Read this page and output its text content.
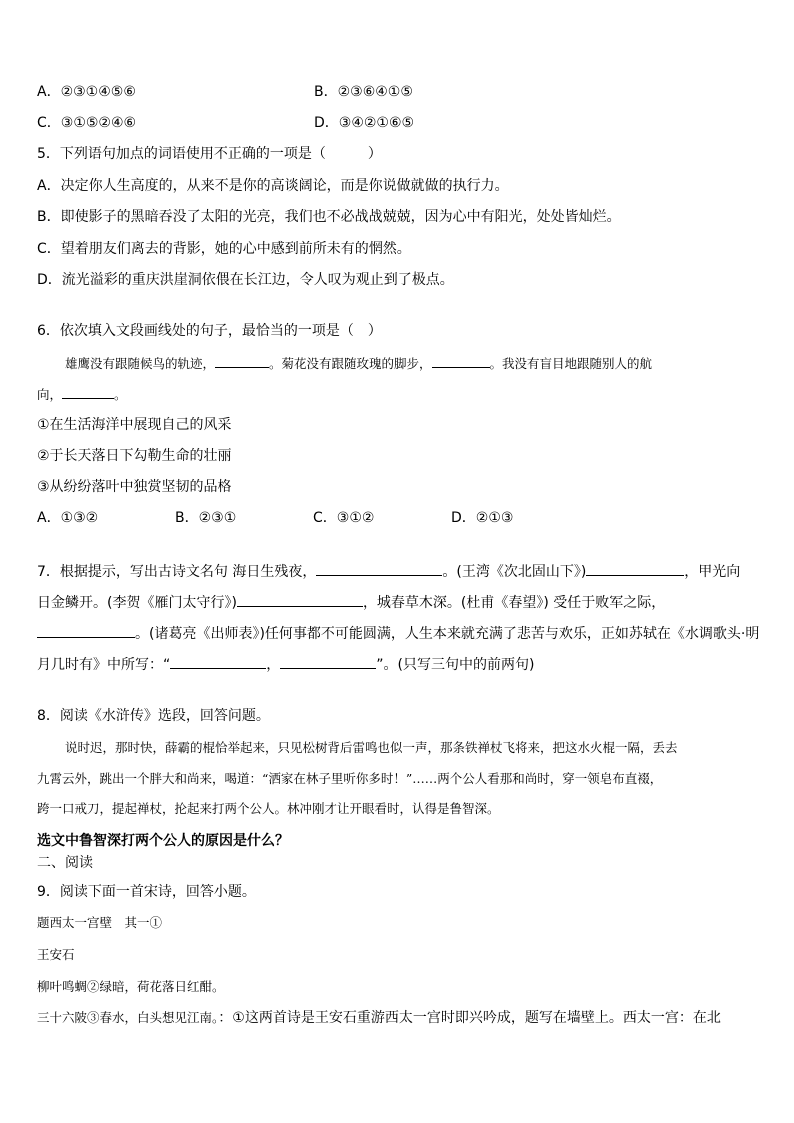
A．②③①④⑤⑥	B．②③⑥④①⑤
C．③①⑤②④⑥	D．③④②①⑥⑤
5．下列语句加点的词语使用不正确的一项是（　　　）
A．决定你人生高度的，从来不是你的高谈阔论，而是你说做就做的执行力。
B．即使影子的黑暗吞没了太阳的光亮，我们也不必战战兢兢，因为心中有阳光，处处皆灿烂。
C．望着朋友们离去的背影，她的心中感到前所未有的惘然。
D．流光溢彩的重庆洪崖洞依偎在长江边，令人叹为观止到了极点。
6．依次填入文段画线处的句子，最恰当的一项是（　）
雄鹰没有跟随候鸟的轨迹，	。菊花没有跟随玫瑰的脚步，	。我没有盲目地跟随别人的航
向，	。
①在生活海洋中展现自己的风采
②于长天落日下勾勒生命的壮丽
③从纷纷落叶中独赏坚韧的品格
A．①③②	B．②③①	C．③①②	D．②①③
7．根据提示，写出古诗文名句 海日生残夜，	。(王湾《次北固山下》)	，甲光向
日金鳞开。(李贺《雁门太守行》)	，城春草木深。(杜甫《春望》) 受任于败军之际，
。(诸葛亮《出师表》)任何事都不可能圆满，人生本来就充满了悲苦与欢乐，正如苏轼在《水调歌头·明
月几时有》中所写：“	，	”。(只写三句中的前两句)
8．阅读《水浒传》选段，回答问题。
说时迟，那时快，薛霸的棍恰举起来，只见松树背后雷鸣也似一声，那条铁禅杖飞将来，把这水火棍一隔，丢去
九霄云外，跳出一个胖大和尚来，喝道：“洒家在林子里听你多时！”……两个公人看那和尚时，穿一领皂布直裰，
跨一口戒刀，提起禅杖，抡起来打两个公人。林冲刚才让开眼看时，认得是鲁智深。
选文中鲁智深打两个公人的原因是什么？
二、阅读
9．阅读下面一首宋诗，回答小题。
题西太一宫壁　其一①
王安石
柳叶鸣蜩②绿暗，荷花落日红酣。
三十六陂③春水，白头想见江南。：①这两首诗是王安石重游西太一宫时即兴吟成，题写在墙壁上。西太一宫：在北
